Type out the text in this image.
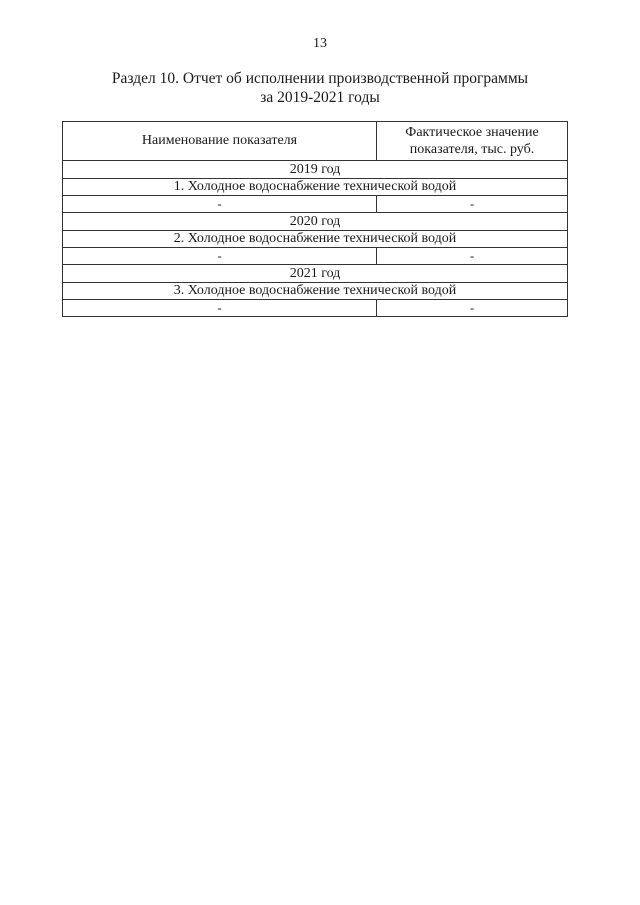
13
Раздел 10. Отчет об исполнении производственной программы
за 2019-2021 годы
Наименование показателя	Фактическое значение показателя, тыс. руб.
2019 год	
1. Холодное водоснабжение технической водой	
-	-
2020 год	
2. Холодное водоснабжение технической водой	
-	-
2021 год	
3. Холодное водоснабжение технической водой	
-	-
